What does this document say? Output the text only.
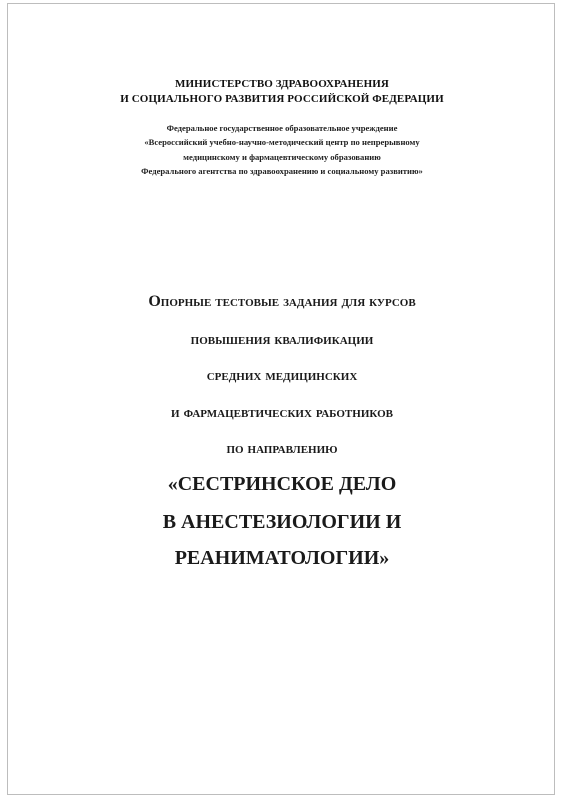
МИНИСТЕРСТВО ЗДРАВООХРАНЕНИЯ
И СОЦИАЛЬНОГО РАЗВИТИЯ РОССИЙСКОЙ ФЕДЕРАЦИИ
Федеральное государственное образовательное учреждение
«Всероссийский учебно-научно-методический центр по непрерывному
медицинскому и фармацевтическому образованию
Федерального агентства по здравоохранению и социальному развитию»
Опорные тестовые задания для курсов
повышения квалификации
средних медицинских
и фармацевтических работников
по направлению
«СЕСТРИНСКОЕ ДЕЛО
В АНЕСТЕЗИОЛОГИИ И
РЕАНИМАТОЛОГИИ»
